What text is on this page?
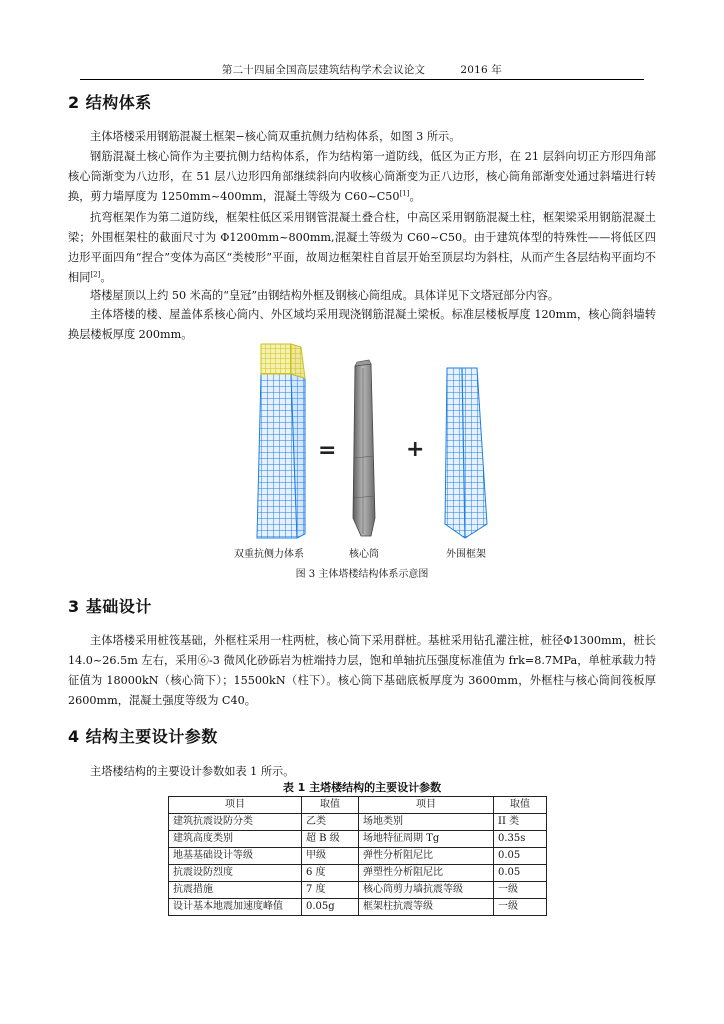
第二十四届全国高层建筑结构学术会议论文	2016 年
2 结构体系
主体塔楼采用钢筋混凝土框架−核心筒双重抗侧力结构体系，如图 3 所示。
钢筋混凝土核心筒作为主要抗侧力结构体系，作为结构第一道防线，低区为正方形，在 21 层斜向切正方形四角部核心筒渐变为八边形，在 51 层八边形四角部继续斜向内收核心筒渐变为正八边形，核心筒角部渐变处通过斜墙进行转换，剪力墙厚度为 1250mm~400mm，混凝土等级为 C60~C50[1]。
抗弯框架作为第二道防线，框架柱低区采用钢管混凝土叠合柱，中高区采用钢筋混凝土柱，框架梁采用钢筋混凝土梁；外围框架柱的截面尺寸为 Φ1200mm~800mm,混凝土等级为 C60~C50。由于建筑体型的特殊性——将低区四边形平面四角“捏合”变体为高区“类棱形”平面，故周边框架柱自首层开始至顶层均为斜柱，从而产生各层结构平面均不相同[2]。
塔楼屋顶以上约 50 米高的“皇冠”由钢结构外框及钢核心筒组成。具体详见下文塔冠部分内容。
主体塔楼的楼、屋盖体系核心筒内、外区域均采用现浇钢筋混凝土梁板。标准层楼板厚度 120mm，核心筒斜墙转换层楼板厚度 200mm。
=	+
双重抗侧力体系	核心筒	外围框架
图 3 主体塔楼结构体系示意图
3 基础设计
主体塔楼采用桩筏基础，外框柱采用一柱两桩，核心筒下采用群桩。基桩采用钻孔灌注桩，桩径Φ1300mm，桩长 14.0~26.5m 左右，采用⑥-3 微风化砂砾岩为桩端持力层，饱和单轴抗压强度标准值为 frk=8.7MPa，单桩承载力特征值为 18000kN（核心筒下）；15500kN（柱下）。核心筒下基础底板厚度为 3600mm，外框柱与核心筒间筏板厚 2600mm，混凝土强度等级为 C40。
4 结构主要设计参数
主塔楼结构的主要设计参数如表 1 所示。
表 1 主塔楼结构的主要设计参数
项目	取值	项目	取值
建筑抗震设防分类	乙类	场地类别	II 类
建筑高度类别	超 B 级	场地特征周期 Tg	0.35s
地基基础设计等级	甲级	弹性分析阻尼比	0.05
抗震设防烈度	6 度	弹塑性分析阻尼比	0.05
抗震措施	7 度	核心筒剪力墙抗震等级	一级
设计基本地震加速度峰值	0.05g	框架柱抗震等级	一级
